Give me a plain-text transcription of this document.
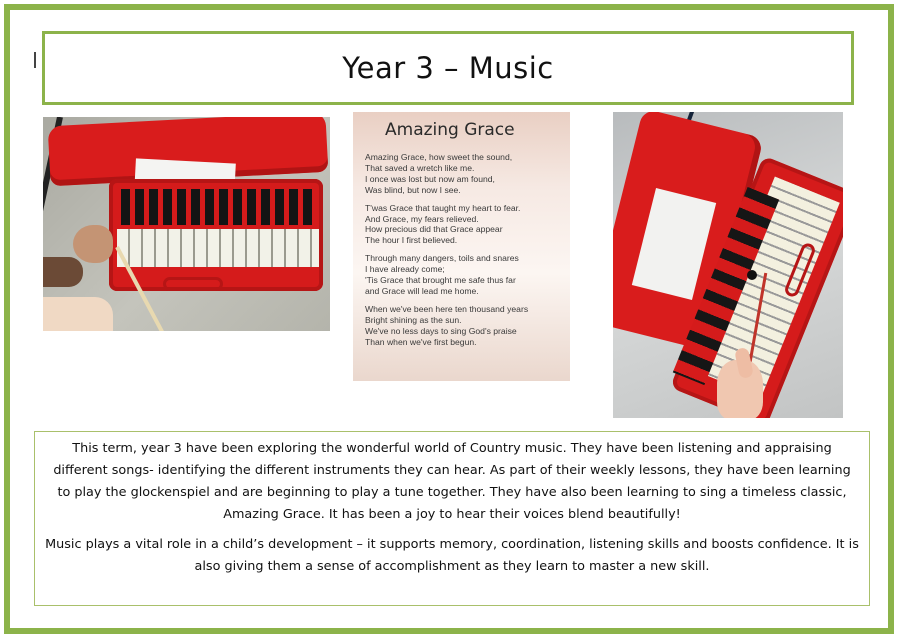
Year 3 – Music
Amazing Grace
Amazing Grace, how sweet the sound,
That saved a wretch like me.
I once was lost but now am found,
Was blind, but now I see.
T'was Grace that taught my heart to fear.
And Grace, my fears relieved.
How precious did that Grace appear
The hour I first believed.
Through many dangers, toils and snares
I have already come;
'Tis Grace that brought me safe thus far
and Grace will lead me home.
When we've been here ten thousand years
Bright shining as the sun.
We've no less days to sing God's praise
Than when we've first begun.

This term, year 3 have been exploring the wonderful world of Country music. They have been listening and appraising different songs- identifying the different instruments they can hear. As part of their weekly lessons, they have been learning to play the glockenspiel and are beginning to play a tune together. They have also been learning to sing a timeless classic, Amazing Grace. It has been a joy to hear their voices blend beautifully!

Music plays a vital role in a child’s development – it supports memory, coordination, listening skills and boosts confidence. It is also giving them a sense of accomplishment as they learn to master a new skill.
